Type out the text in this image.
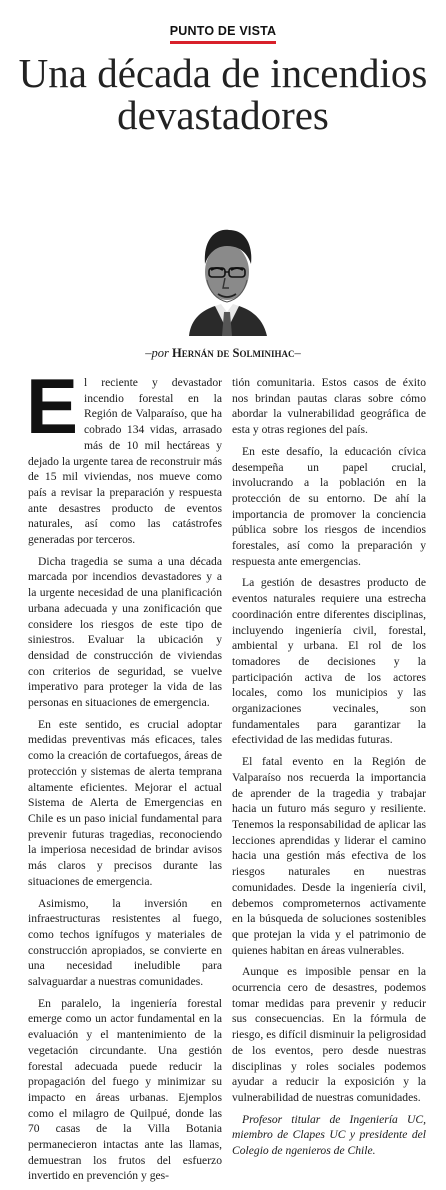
PUNTO DE VISTA
Una década de incendios devastadores
–por Hernán de Solminihac–

El reciente y devastador incendio forestal en la Región de Valparaíso, que ha cobrado 134 vidas, arrasado más de 10 mil hectáreas y dejado la urgente tarea de reconstruir más de 15 mil viviendas, nos mueve como país a revisar la preparación y respuesta ante desastres producto de eventos naturales, así como las catástrofes generadas por terceros.

Dicha tragedia se suma a una década marcada por incendios devastadores y a la urgente necesidad de una planificación urbana adecuada y una zonificación que considere los riesgos de este tipo de siniestros. Evaluar la ubicación y densidad de construcción de viviendas con criterios de seguridad, se vuelve imperativo para proteger la vida de las personas en situaciones de emergencia.

En este sentido, es crucial adoptar medidas preventivas más eficaces, tales como la creación de cortafuegos, áreas de protección y sistemas de alerta temprana altamente eficientes. Mejorar el actual Sistema de Alerta de Emergencias en Chile es un paso inicial fundamental para prevenir futuras tragedias, reconociendo la imperiosa necesidad de brindar avisos más claros y precisos durante las situaciones de emergencia.

Asimismo, la inversión en infraestructuras resistentes al fuego, como techos ignífugos y materiales de construcción apropiados, se convierte en una necesidad ineludible para salvaguardar a nuestras comunidades.

En paralelo, la ingeniería forestal emerge como un actor fundamental en la evaluación y el mantenimiento de la vegetación circundante. Una gestión forestal adecuada puede reducir la propagación del fuego y minimizar su impacto en áreas urbanas. Ejemplos como el milagro de Quilpué, donde las 70 casas de la Villa Botania permanecieron intactas ante las llamas, demuestran los frutos del esfuerzo invertido en prevención y ges-

tión comunitaria. Estos casos de éxito nos brindan pautas claras sobre cómo abordar la vulnerabilidad geográfica de esta y otras regiones del país.

En este desafío, la educación cívica desempeña un papel crucial, involucrando a la población en la protección de su entorno. De ahí la importancia de promover la conciencia pública sobre los riesgos de incendios forestales, así como la preparación y respuesta ante emergencias.

La gestión de desastres producto de eventos naturales requiere una estrecha coordinación entre diferentes disciplinas, incluyendo ingeniería civil, forestal, ambiental y urbana. El rol de los tomadores de decisiones y la participación activa de los actores locales, como los municipios y las organizaciones vecinales, son fundamentales para garantizar la efectividad de las medidas futuras.

El fatal evento en la Región de Valparaíso nos recuerda la importancia de aprender de la tragedia y trabajar hacia un futuro más seguro y resiliente. Tenemos la responsabilidad de aplicar las lecciones aprendidas y liderar el camino hacia una gestión más efectiva de los riesgos naturales en nuestras comunidades. Desde la ingeniería civil, debemos comprometernos activamente en la búsqueda de soluciones sostenibles que protejan la vida y el patrimonio de quienes habitan en áreas vulnerables.

Aunque es imposible pensar en la ocurrencia cero de desastres, podemos tomar medidas para prevenir y reducir sus consecuencias. En la fórmula de riesgo, es difícil disminuir la peligrosidad de los eventos, pero desde nuestras disciplinas y roles sociales podemos ayudar a reducir la exposición y la vulnerabilidad de nuestras comunidades.

Profesor titular de Ingeniería UC, miembro de Clapes UC y presidente del Colegio de ngenieros de Chile.
